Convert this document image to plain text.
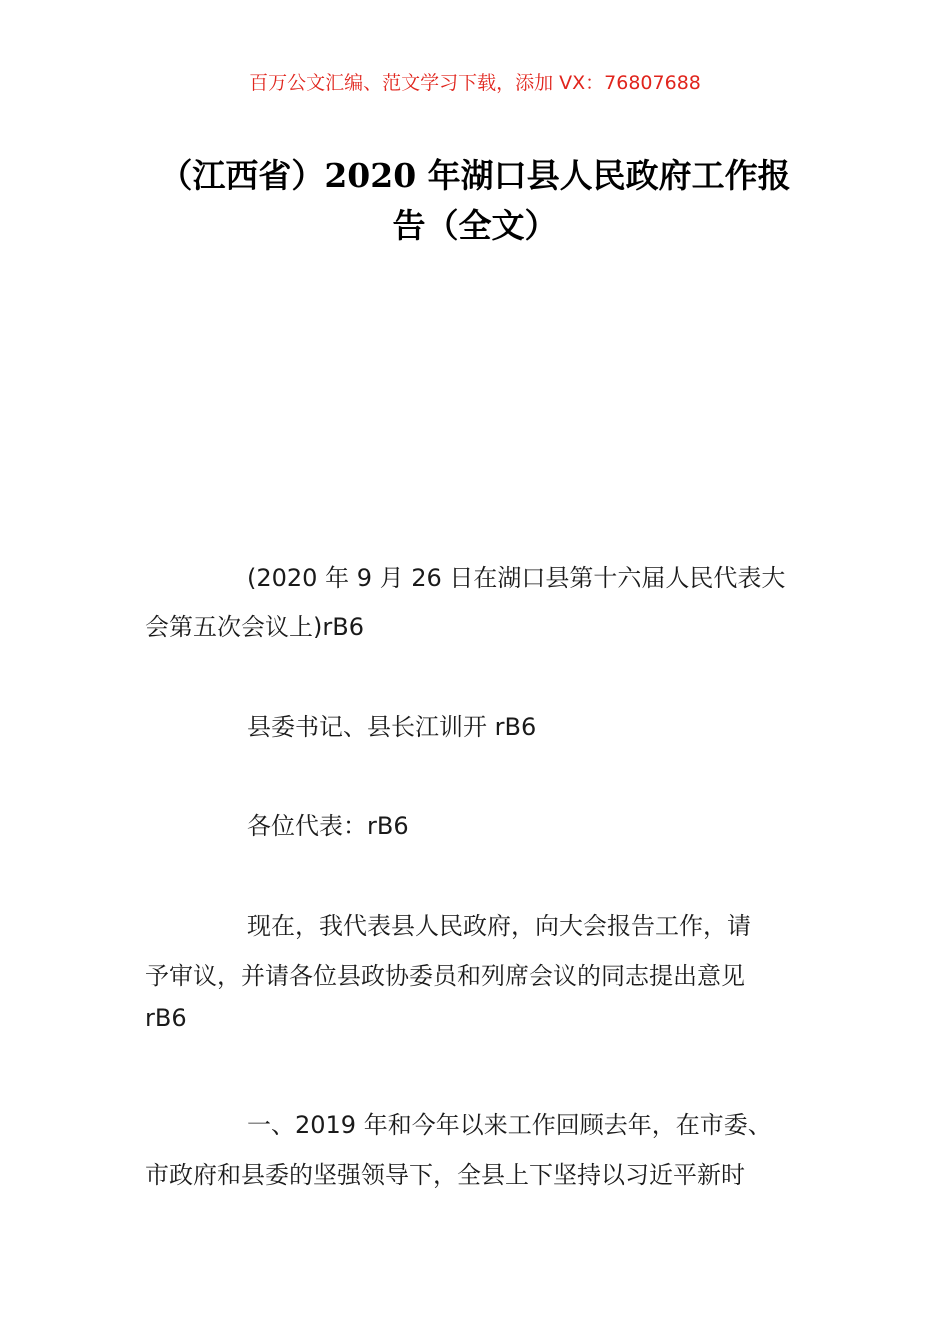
百万公文汇编、范文学习下载，添加 VX：76807688
（江西省）2020 年湖口县人民政府工作报
告（全文）
(2020 年 9 月 26 日在湖口县第十六届人民代表大
会第五次会议上)rB6
县委书记、县长江训开 rB6
各位代表：rB6
现在，我代表县人民政府，向大会报告工作，请
予审议，并请各位县政协委员和列席会议的同志提出意见
rB6
一、2019 年和今年以来工作回顾去年，在市委、
市政府和县委的坚强领导下，全县上下坚持以习近平新时
